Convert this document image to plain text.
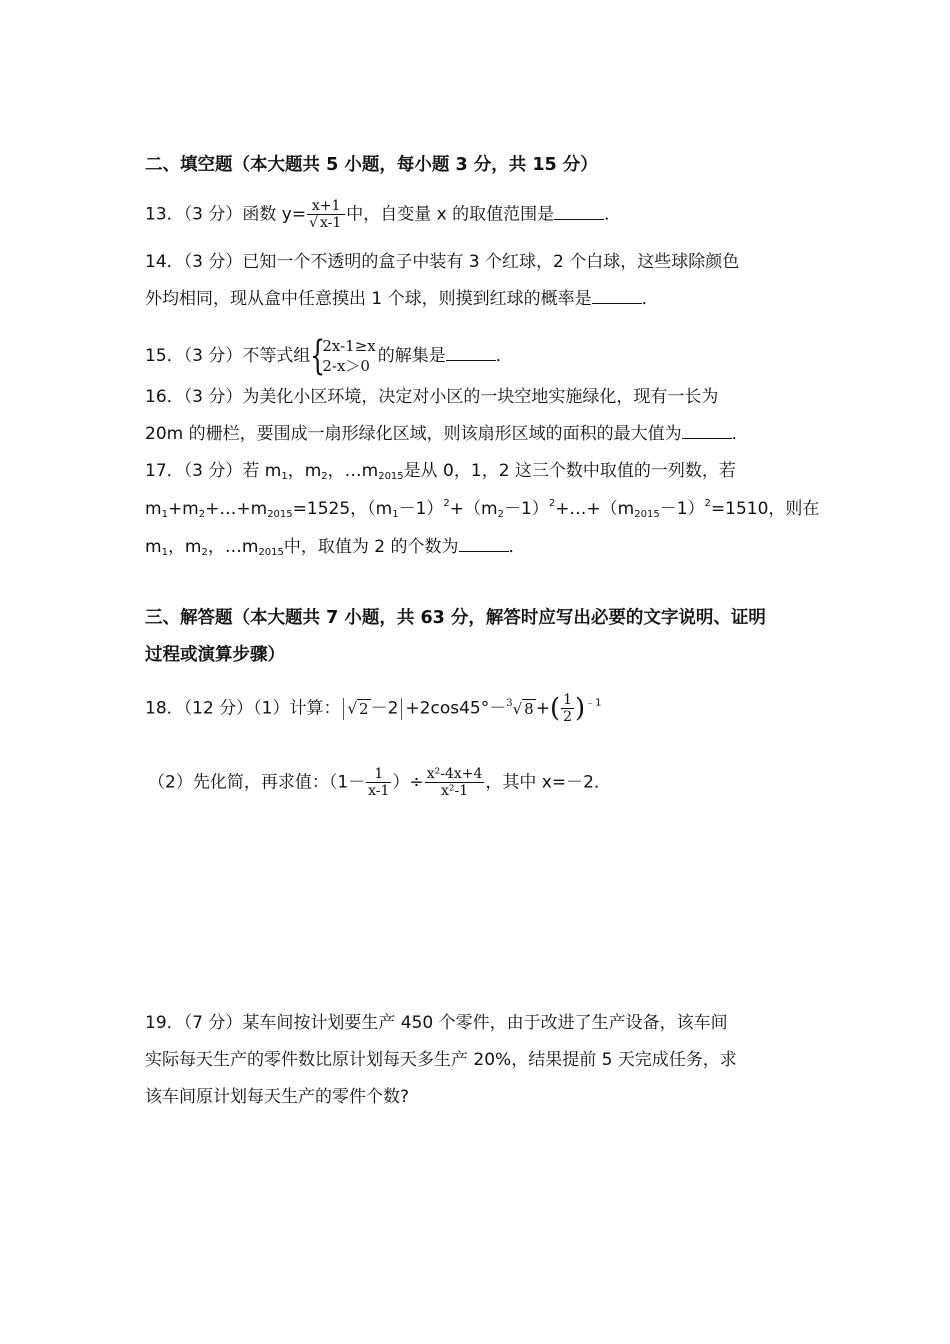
二、填空题（本大题共 5 小题，每小题 3 分，共 15 分）
13．（3 分）函数 $y= \frac{x+1}{√ x-1}$ 中，自变量 x 的取值范围是	．
14．（3 分）已知一个不透明的盒子中装有 3 个红球，2 个白球，这些球除颜色
外均相同，现从盒中任意摸出 1 个球，则摸到红球的概率是	．
15．（3 分）不等式组 {
2x-1≥x
2-x＞0 的解集是	．
16．（3 分）为美化小区环境，决定对小区的一块空地实施绿化，现有一长为
20m 的栅栏，要围成一扇形绿化区域，则该扇形区域的面积的最大值为	．
17．（3 分）若 $m_1$，$m_2$，$\dots m_{2015}$是从 0，1，2 这三个数中取值的一列数，若
$m_1+m_2+\dots+m_{2015}=1525$，$(m_1-1)^2+(m_2-1)^2+\dots+(m_{2015}-1)^2=1510$，则在
$m_1$，$m_2$，$\dots m_{2015}$中，取值为 2 的个数为	．
三、解答题（本大题共 7 小题，共 63 分，解答时应写出必要的文字说明、证明
过程或演算步骤）
18．（12 分）（1）计算： √ 2 －2 +2cos45°－$^3$√ 8 +( $\frac{1}{2} )^{﹣1}$
（2）先化简，再求值：（$1- \frac{1}{x-1}$ ）÷ $\frac{\text{x²-4x+4}}{\text{x²-1}}$ ，其中 x=－2．
19．（7 分）某车间按计划要生产 450 个零件，由于改进了生产设备，该车间
实际每天生产的零件数比原计划每天多生产 20%，结果提前 5 天完成任务，求
该车间原计划每天生产的零件个数?
